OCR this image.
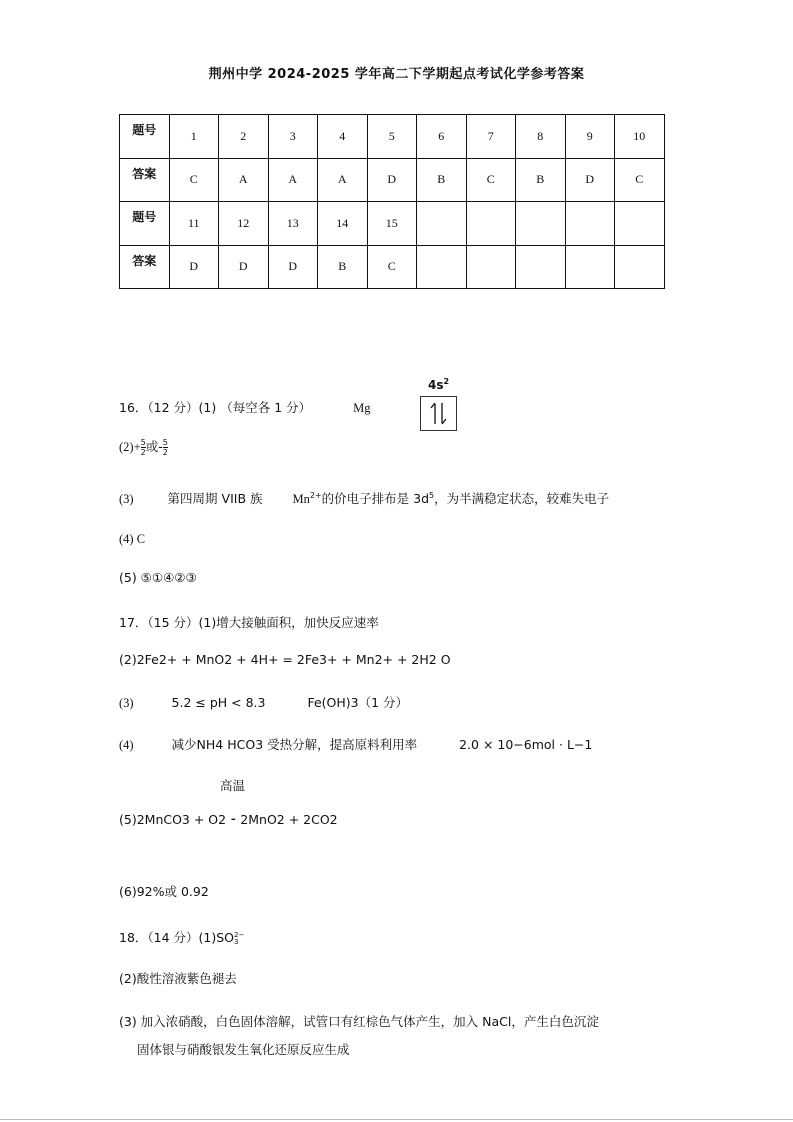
荆州中学 2024-2025 学年高二下学期起点考试化学参考答案
题号	1	2	3	4	5	6	7	8	9	10
答案	C	A	A	A	D	B	C	B	D	C
题号	11	12	13	14	15					
答案	D	D	D	B	C					
16．（12 分）(1) （每空各 1 分）	Mg
$4s^2$
$(2)+ \frac{5}{2}$ 或- $\frac{5}{2}$
(3)	第四周期 VIIB 族 $Mn^{2+}$的价电子排布是 $3d^5$，为半满稳定状态，较难失电子
(4) C
(5) ⑤①④②③
17．（15 分）(1)增大接触面积，加快反应速率
(2)2Fe2+ + MnO2 + 4H+ = 2Fe3+ + Mn2+ + 2H2 O
(3)	5.2 ≤ pH < 8.3	Fe(OH)3（1 分）
(4)	减少NH4 HCO3 受热分解，提高原料利用率	2.0 × 10−6mol · L−1
高温
(5)2MnCO3 + O2 ⁃ 2MnO2 + 2CO2
(6)92%或 0.92
18．（14 分）(1)SO 2−
3
(2)酸性溶液紫色褪去
(3) 加入浓硝酸，白色固体溶解，试管口有红棕色气体产生，加入 NaCl，产生白色沉淀
固体银与硝酸银发生氧化还原反应生成
